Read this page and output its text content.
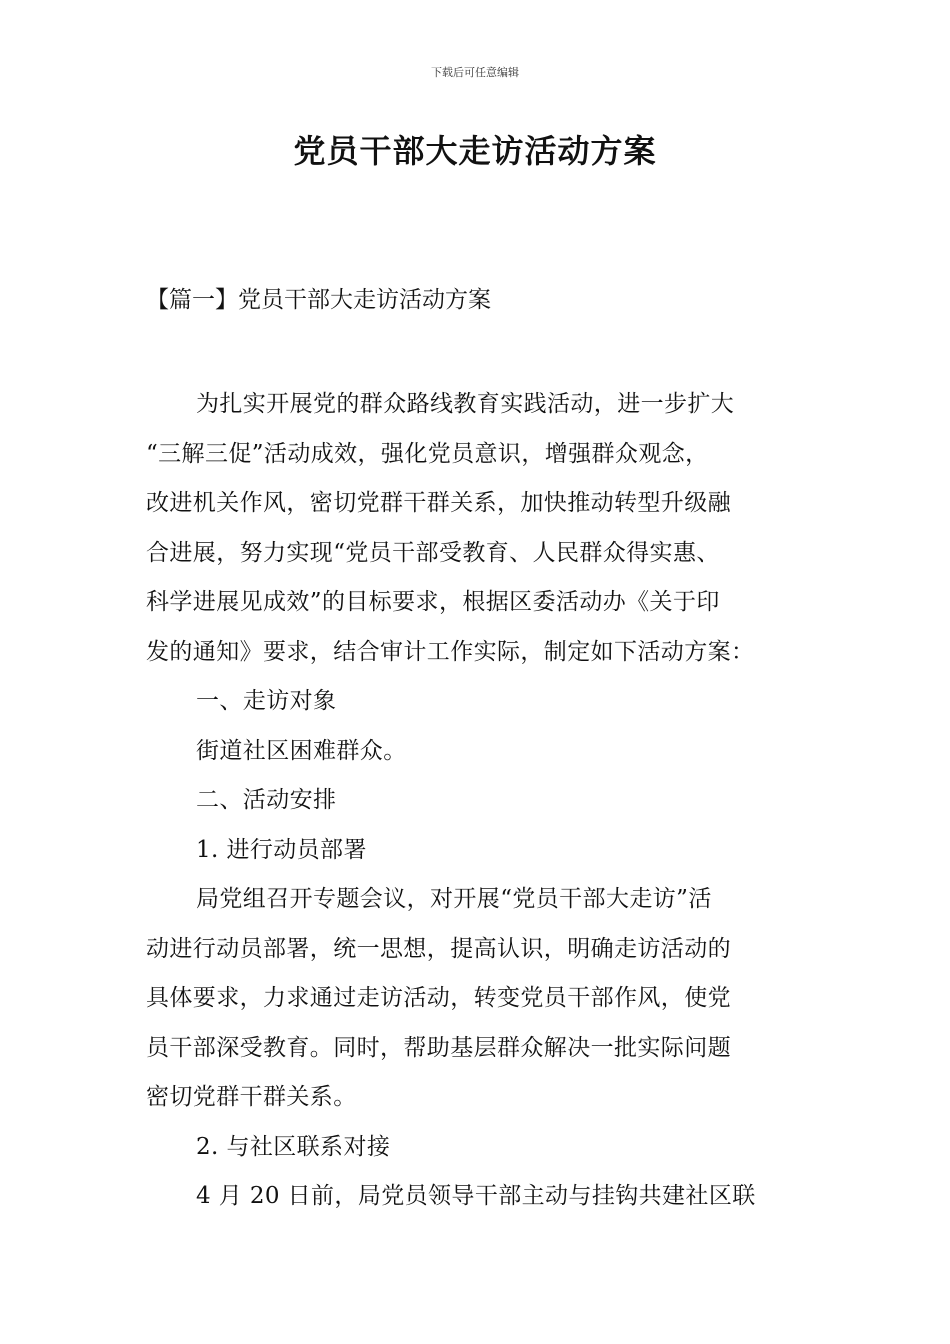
下载后可任意编辑
党员干部大走访活动方案
【篇一】党员干部大走访活动方案
为扎实开展党的群众路线教育实践活动，进一步扩大
“三解三促”活动成效，强化党员意识，增强群众观念，
改进机关作风，密切党群干群关系，加快推动转型升级融
合进展，努力实现“党员干部受教育、人民群众得实惠、
科学进展见成效”的目标要求，根据区委活动办《关于印
发的通知》要求，结合审计工作实际，制定如下活动方案：
一、走访对象
街道社区困难群众。
二、活动安排
1. 进行动员部署
局党组召开专题会议，对开展“党员干部大走访”活
动进行动员部署，统一思想，提高认识，明确走访活动的
具体要求，力求通过走访活动，转变党员干部作风，使党
员干部深受教育。同时，帮助基层群众解决一批实际问题
密切党群干群关系。
2. 与社区联系对接
4 月 20 日前，局党员领导干部主动与挂钩共建社区联
